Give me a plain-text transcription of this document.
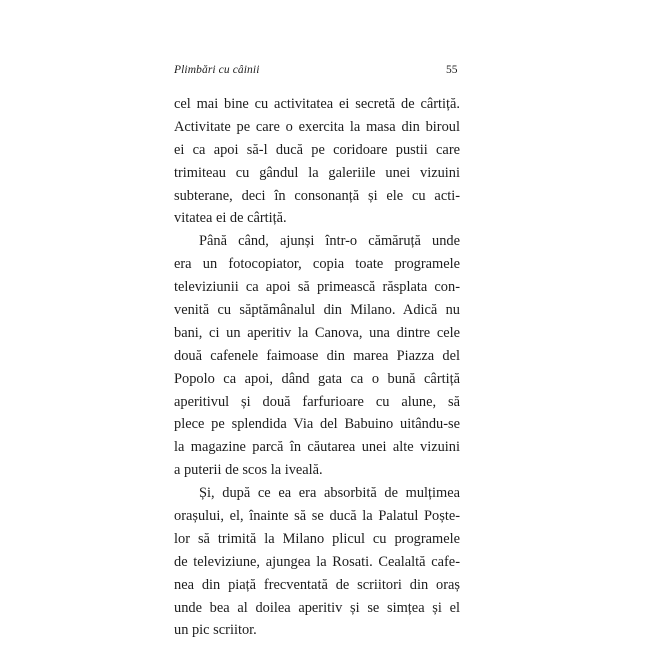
Plimbări cu câinii	55
cel mai bine cu activitatea ei secretă de cârtiță.
Activitate pe care o exercita la masa din biroul
ei ca apoi să-l ducă pe coridoare pustii care
trimiteau cu gândul la galeriile unei vizuini
subterane, deci în consonanță și ele cu acti-
vitatea ei de cârtiță.
Până când, ajunși într-o cămăruță unde
era un fotocopiator, copia toate programele
televiziunii ca apoi să primească răsplata con-
venită cu săptămânalul din Milano. Adică nu
bani, ci un aperitiv la Canova, una dintre cele
două cafenele faimoase din marea Piazza del
Popolo ca apoi, dând gata ca o bună cârtiță
aperitivul și două farfurioare cu alune, să
plece pe splendida Via del Babuino uitându-se
la magazine parcă în căutarea unei alte vizuini
a puterii de scos la iveală.
Și, după ce ea era absorbită de mulțimea
orașului, el, înainte să se ducă la Palatul Poște-
lor să trimită la Milano plicul cu programele
de televiziune, ajungea la Rosati. Cealaltă cafe-
nea din piață frecventată de scriitori din oraș
unde bea al doilea aperitiv și se simțea și el
un pic scriitor.
